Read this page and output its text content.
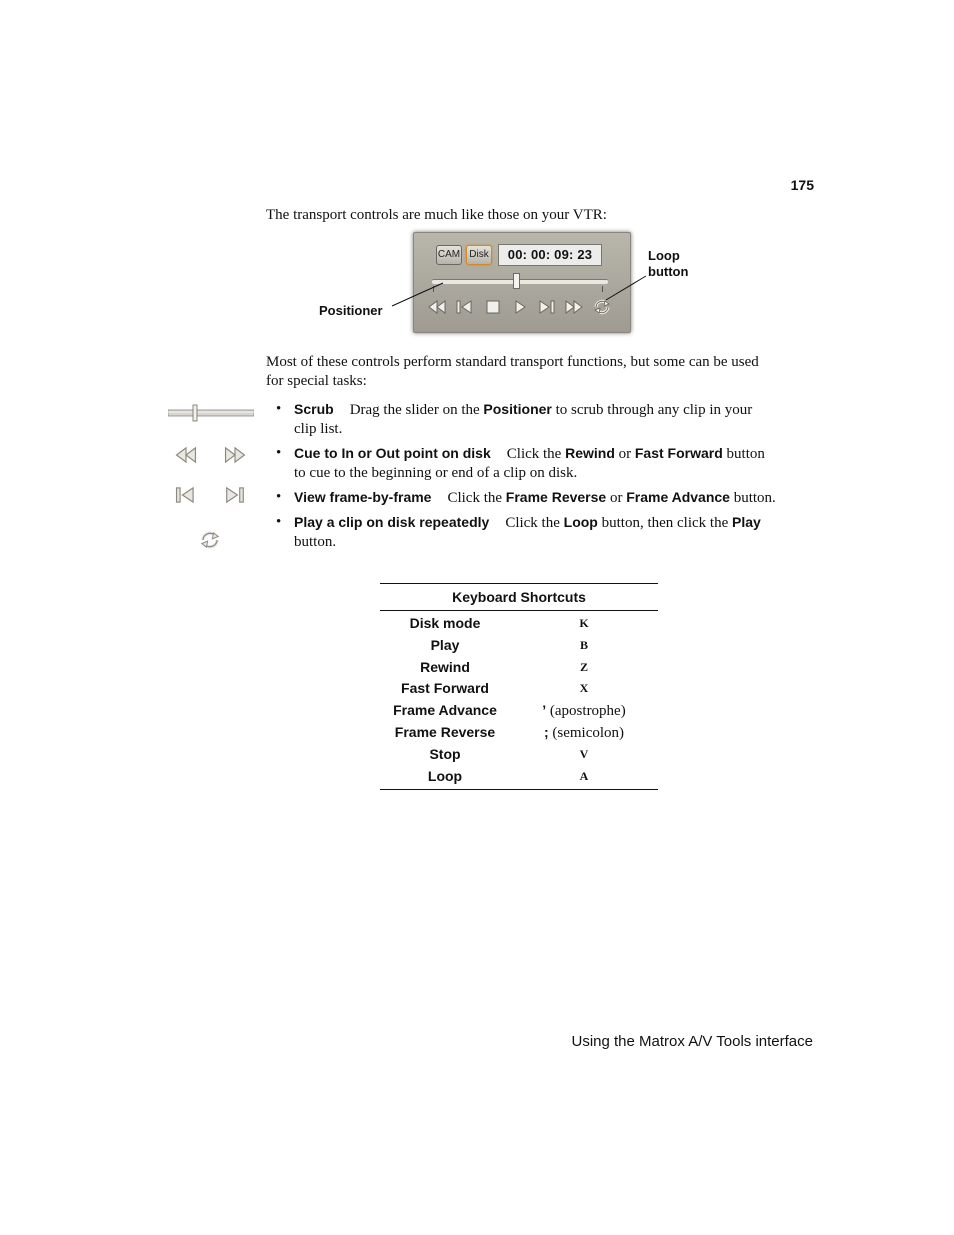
175
The transport controls are much like those on your VTR:
CAM Disk	00: 00: 09: 23
Positioner
Loop
button
Most of these controls perform standard transport functions, but some can be used for special tasks:
• Scrub Drag the slider on the Positioner to scrub through any clip in your clip list.
• Cue to In or Out point on disk Click the Rewind or Fast Forward button to cue to the beginning or end of a clip on disk.
• View frame-by-frame Click the Frame Reverse or Frame Advance button.
• Play a clip on disk repeatedly Click the Loop button, then click the Play button.
Keyboard Shortcuts
Disk mode	K
Play	B
Rewind	Z
Fast Forward	X
Frame Advance	’ (apostrophe)
Frame Reverse	; (semicolon)
Stop	V
Loop	A
Using the Matrox A/V Tools interface
